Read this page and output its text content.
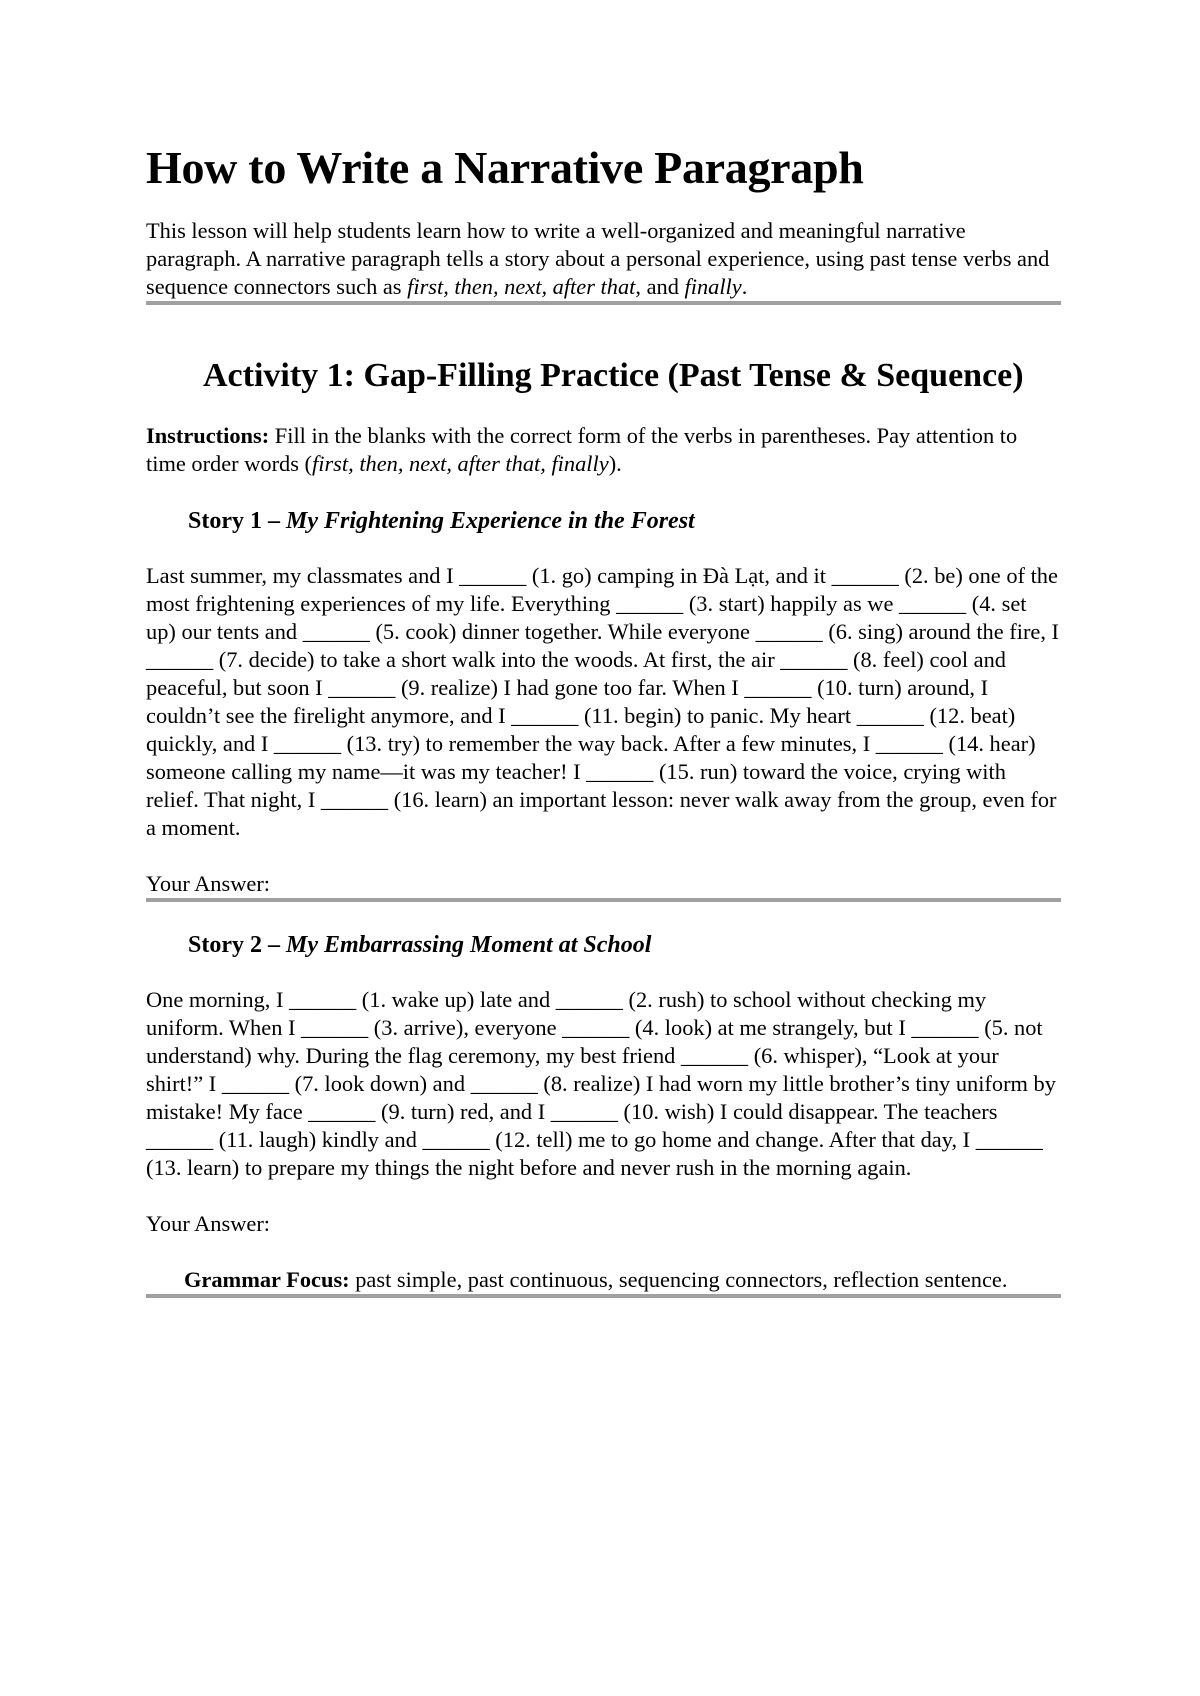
How to Write a Narrative Paragraph

This lesson will help students learn how to write a well-organized and meaningful narrative paragraph. A narrative paragraph tells a story about a personal experience, using past tense verbs and sequence connectors such as first, then, next, after that, and finally.

Activity 1: Gap-Filling Practice (Past Tense & Sequence)

Instructions: Fill in the blanks with the correct form of the verbs in parentheses. Pay attention to time order words (first, then, next, after that, finally).

Story 1 – My Frightening Experience in the Forest

Last summer, my classmates and I ______ (1. go) camping in Đà Lạt, and it ______ (2. be) one of the most frightening experiences of my life. Everything ______ (3. start) happily as we ______ (4. set up) our tents and ______ (5. cook) dinner together. While everyone ______ (6. sing) around the fire, I ______ (7. decide) to take a short walk into the woods. At first, the air ______ (8. feel) cool and peaceful, but soon I ______ (9. realize) I had gone too far. When I ______ (10. turn) around, I couldn’t see the firelight anymore, and I ______ (11. begin) to panic. My heart ______ (12. beat) quickly, and I ______ (13. try) to remember the way back. After a few minutes, I ______ (14. hear) someone calling my name—it was my teacher! I ______ (15. run) toward the voice, crying with relief. That night, I ______ (16. learn) an important lesson: never walk away from the group, even for a moment.

Your Answer:

Story 2 – My Embarrassing Moment at School

One morning, I ______ (1. wake up) late and ______ (2. rush) to school without checking my uniform. When I ______ (3. arrive), everyone ______ (4. look) at me strangely, but I ______ (5. not understand) why. During the flag ceremony, my best friend ______ (6. whisper), “Look at your shirt!” I ______ (7. look down) and ______ (8. realize) I had worn my little brother’s tiny uniform by mistake! My face ______ (9. turn) red, and I ______ (10. wish) I could disappear. The teachers ______ (11. laugh) kindly and ______ (12. tell) me to go home and change. After that day, I ______ (13. learn) to prepare my things the night before and never rush in the morning again.

Your Answer:

Grammar Focus: past simple, past continuous, sequencing connectors, reflection sentence.
